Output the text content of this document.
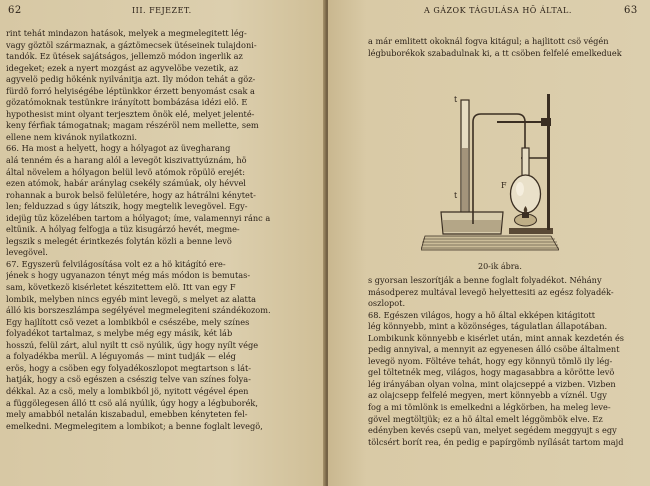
62	III. FEJEZET.
rint tehát mindazon hatások, melyek a megmelegitett lég-
vagy göztöl származnak, a gáztömecsek ütéseinek tulajdoni-
tandók. Ez ütések sajátságos, jellemzö módon ingerlik az
idegeket; ezek a nyert mozgást az agyvelöbe vezetik, az
agyvelö pedig hökénk nyilvánitja azt. Ily módon tehát a göz-
fürdö forró helyiségébe léptünkkor érzett benyomást csak a
gözatómoknak testünkre irányított bombázása idézi elö. E
hypothesist mint olyant terjesztem önök elé, melyet jelenté-
keny férfiak támogatnak; magam részéröl nem mellette, sem
ellene nem kivánok nyilatkozni.
66. Ha most a helyett, hogy a hólyagot az üvegharang
alá tenném és a harang alól a levegöt kiszivattyúznám, hö
által növelem a hólyagon belül levö atómok röpülö erejét:
ezen atómok, habár aránylag csekély számúak, oly hévvel
rohannak a burok belsö felületére, hogy az hátrálni kénytet-
len; felduzzad s úgy látszik, hogy megtelik levegövel. Egy-
idejüg tüz közelében tartom a hólyagot; íme, valamennyi ránc a
eltünik. A hólyag felfogja a tüz kisugárzó hevét, megme-
legszik s melegét érintkezés folytán közli a benne levö
levegövel.
67. Egyszerü felvilágosítása volt ez a hö kitágító ere-
jének s hogy ugyanazon tényt még más módon is bemutas-
sam, következö kisérletet készitettem elö. Itt van egy F
lombik, melyben nincs egyéb mint levegö, s melyet az alatta
álló kis borszeszlámpa segélyével megmelegiteni szándékozom.
Egy hajlított csö vezet a lombikból e csészébe, mely színes
folyadékot tartalmaz, s melybe még egy másik, két láb
hosszú, felül zárt, alul nyilt tt csö nyúlik, úgy hogy nyílt vége
a folyadékba merül. A léguyomás — mint tudják — elég
erös, hogy a csöben egy folyadékoszlopot megtartson s lát-
hatják, hogy a csö egészen a csészig telve van színes folya-
dékkal. Az a csö, mely a lombikból jö, nyitott végével épen
a függölegesen álló tt csö alá nyúlik, úgy hogy a légbuborék,
mely amabból netalán kiszabadul, emebben kényteten fel-
emelkedni. Megmelegitem a lombikot; a benne foglalt levegö,
A GÁZOK TÁGULÁSA HÖ ÁLTAL.	63
a már emlitett okoknál fogva kitágul; a hajlitott csö végén
légbuborékok szabadulnak ki, a tt csöben felfelé emelkeduek
t
t
F
20-ik ábra.
s gyorsan leszorítják a benne foglalt folyadékot. Néhány
másodperez multával levegö helyettesiti az egész folyadék-
oszlopot.
68. Egészen világos, hogy a hö által ekképen kitágitott
lég könnyebb, mint a közönséges, tágulatlan állapotában.
Lombikunk könnyebb e kisérlet után, mint annak kezdetén és
pedig annyival, a mennyit az egyenesen álló csöbe általment
levegö nyom. Föltéve tehát, hogy egy könnyü tömlö ily lég-
gel töltetnék meg, világos, hogy magasabbra a körötte levö
lég irányában olyan volna, mint olajcseppé a vizben. Vizben
az olajcsepp felfelé megyen, mert könnyebb a víznél. Ugy
fog a mi tömlönk is emelkedni a légkörben, ha meleg leve-
gövel megtöltjük; ez a hö által emelt léggömbök elve. Ez
edényben kevés csepü van, melyet segédem meggyujt s egy
tölcsért borít rea, én pedig e papírgömb nyílását tartom majd
